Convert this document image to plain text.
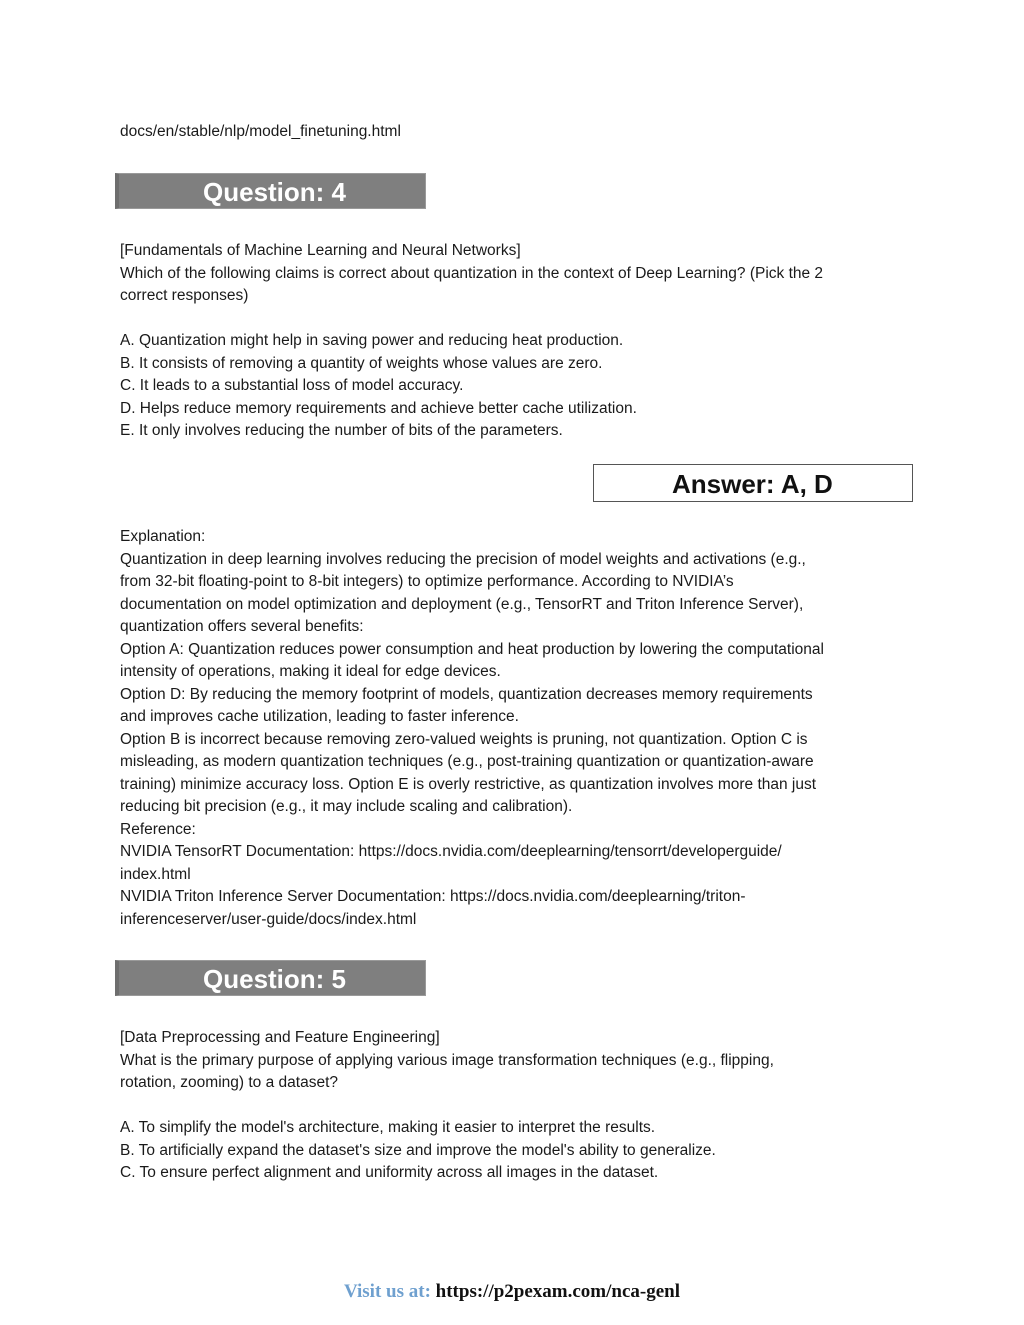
docs/en/stable/nlp/model_finetuning.html
Question: 4

[Fundamentals of Machine Learning and Neural Networks]

Which of the following claims is correct about quantization in the context of Deep Learning? (Pick the 2

correct responses)

A. Quantization might help in saving power and reducing heat production.

B. It consists of removing a quantity of weights whose values are zero.

C. It leads to a substantial loss of model accuracy.

D. Helps reduce memory requirements and achieve better cache utilization.

E. It only involves reducing the number of bits of the parameters.

Answer: A, D

Explanation:

Quantization in deep learning involves reducing the precision of model weights and activations (e.g.,

from 32-bit floating-point to 8-bit integers) to optimize performance. According to NVIDIA’s

documentation on model optimization and deployment (e.g., TensorRT and Triton Inference Server),

quantization offers several benefits:

Option A: Quantization reduces power consumption and heat production by lowering the computational

intensity of operations, making it ideal for edge devices.

Option D: By reducing the memory footprint of models, quantization decreases memory requirements

and improves cache utilization, leading to faster inference.

Option B is incorrect because removing zero-valued weights is pruning, not quantization. Option C is

misleading, as modern quantization techniques (e.g., post-training quantization or quantization-aware

training) minimize accuracy loss. Option E is overly restrictive, as quantization involves more than just

reducing bit precision (e.g., it may include scaling and calibration).

Reference:

NVIDIA TensorRT Documentation: https://docs.nvidia.com/deeplearning/tensorrt/developerguide/

index.html

NVIDIA Triton Inference Server Documentation: https://docs.nvidia.com/deeplearning/triton-

inferenceserver/user-guide/docs/index.html

Question: 5

[Data Preprocessing and Feature Engineering]

What is the primary purpose of applying various image transformation techniques (e.g., flipping,

rotation, zooming) to a dataset?

A. To simplify the model's architecture, making it easier to interpret the results.

B. To artificially expand the dataset's size and improve the model's ability to generalize.

C. To ensure perfect alignment and uniformity across all images in the dataset.

Visit us at: https://p2pexam.com/nca-genl
